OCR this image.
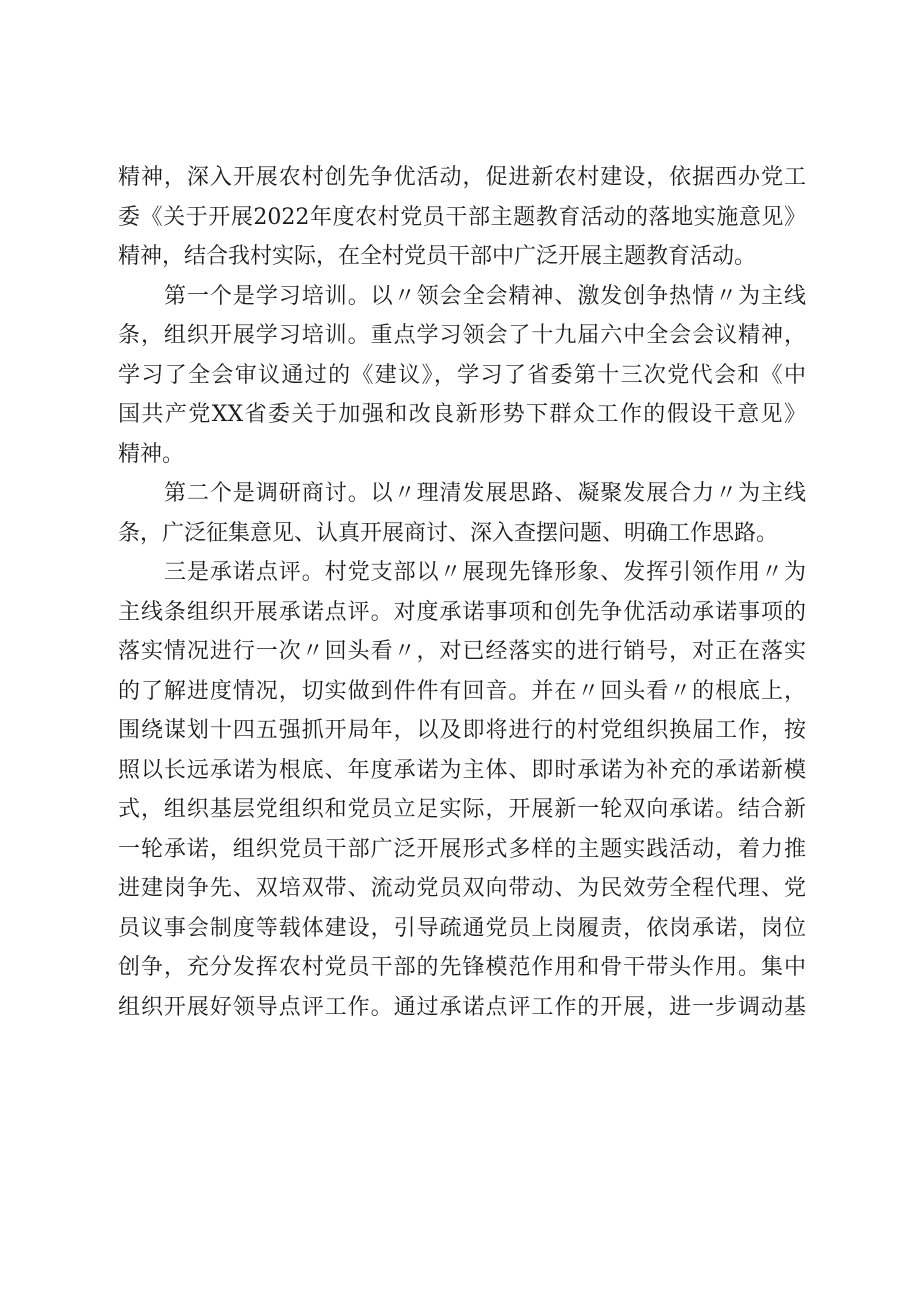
精神，深入开展农村创先争优活动，促进新农村建设，依据西办党工
委《关于开展2022年度农村党员干部主题教育活动的落地实施意见》
精神，结合我村实际，在全村党员干部中广泛开展主题教育活动。
第一个是学习培训。以〃领会全会精神、激发创争热情〃为主线
条，组织开展学习培训。重点学习领会了十九届六中全会会议精神，
学习了全会审议通过的《建议》，学习了省委第十三次党代会和《中
国共产党XX省委关于加强和改良新形势下群众工作的假设干意见》
精神。
第二个是调研商讨。以〃理清发展思路、凝聚发展合力〃为主线
条，广泛征集意见、认真开展商讨、深入查摆问题、明确工作思路。
三是承诺点评。村党支部以〃展现先锋形象、发挥引领作用〃为
主线条组织开展承诺点评。对度承诺事项和创先争优活动承诺事项的
落实情况进行一次〃回头看〃，对已经落实的进行销号，对正在落实
的了解进度情况，切实做到件件有回音。并在〃回头看〃的根底上，
围绕谋划十四五强抓开局年，以及即将进行的村党组织换届工作，按
照以长远承诺为根底、年度承诺为主体、即时承诺为补充的承诺新模
式，组织基层党组织和党员立足实际，开展新一轮双向承诺。结合新
一轮承诺，组织党员干部广泛开展形式多样的主题实践活动，着力推
进建岗争先、双培双带、流动党员双向带动、为民效劳全程代理、党
员议事会制度等载体建设，引导疏通党员上岗履责，依岗承诺，岗位
创争，充分发挥农村党员干部的先锋模范作用和骨干带头作用。集中
组织开展好领导点评工作。通过承诺点评工作的开展，进一步调动基
